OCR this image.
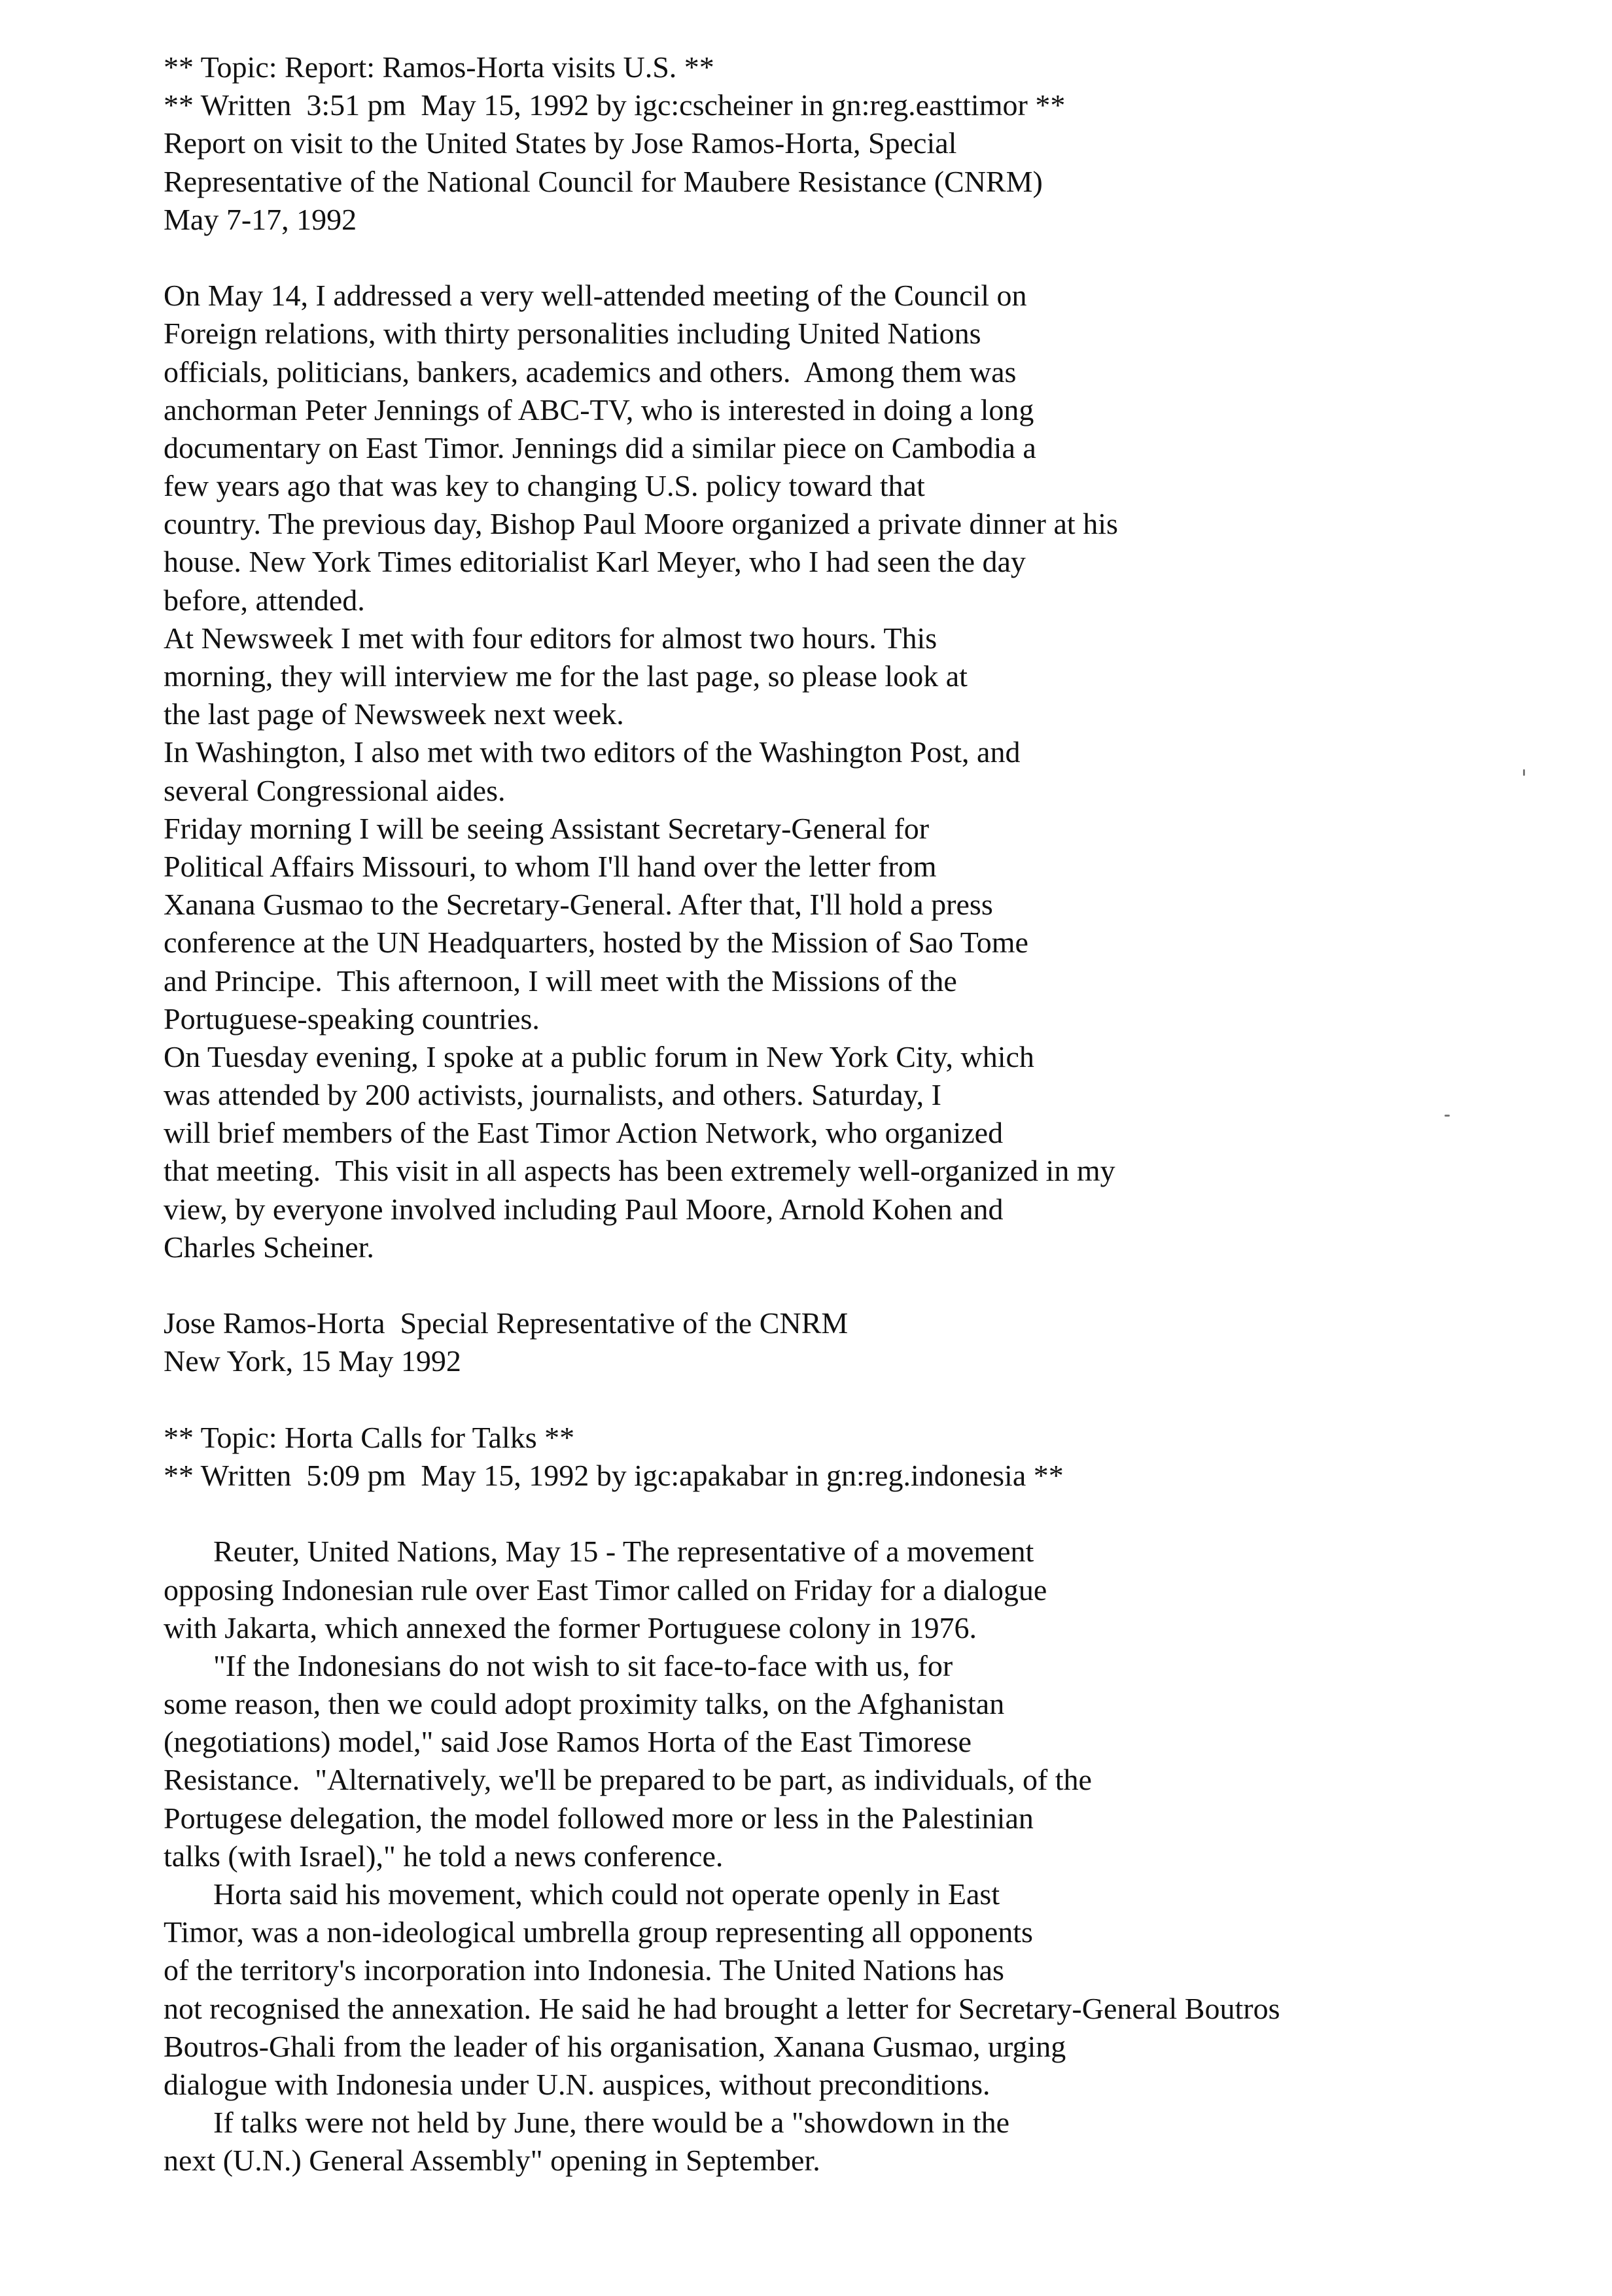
** Topic: Report: Ramos-Horta visits U.S. **
** Written  3:51 pm  May 15, 1992 by igc:cscheiner in gn:reg.easttimor **
Report on visit to the United States by Jose Ramos-Horta, Special
Representative of the National Council for Maubere Resistance (CNRM)
May 7-17, 1992
On May 14, I addressed a very well-attended meeting of the Council on
Foreign relations, with thirty personalities including United Nations
officials, politicians, bankers, academics and others.  Among them was
anchorman Peter Jennings of ABC-TV, who is interested in doing a long
documentary on East Timor. Jennings did a similar piece on Cambodia a
few years ago that was key to changing U.S. policy toward that
country. The previous day, Bishop Paul Moore organized a private dinner at his
house. New York Times editorialist Karl Meyer, who I had seen the day
before, attended.
At Newsweek I met with four editors for almost two hours. This
morning, they will interview me for the last page, so please look at
the last page of Newsweek next week.
In Washington, I also met with two editors of the Washington Post, and
several Congressional aides.
Friday morning I will be seeing Assistant Secretary-General for
Political Affairs Missouri, to whom I'll hand over the letter from
Xanana Gusmao to the Secretary-General. After that, I'll hold a press
conference at the UN Headquarters, hosted by the Mission of Sao Tome
and Principe.  This afternoon, I will meet with the Missions of the
Portuguese-speaking countries.
On Tuesday evening, I spoke at a public forum in New York City, which
was attended by 200 activists, journalists, and others. Saturday, I
will brief members of the East Timor Action Network, who organized
that meeting.  This visit in all aspects has been extremely well-organized in my
view, by everyone involved including Paul Moore, Arnold Kohen and
Charles Scheiner.
Jose Ramos-Horta  Special Representative of the CNRM
New York, 15 May 1992
** Topic: Horta Calls for Talks **
** Written  5:09 pm  May 15, 1992 by igc:apakabar in gn:reg.indonesia **
Reuter, United Nations, May 15 - The representative of a movement
opposing Indonesian rule over East Timor called on Friday for a dialogue
with Jakarta, which annexed the former Portuguese colony in 1976.
"If the Indonesians do not wish to sit face-to-face with us, for
some reason, then we could adopt proximity talks, on the Afghanistan
(negotiations) model," said Jose Ramos Horta of the East Timorese
Resistance.  "Alternatively, we'll be prepared to be part, as individuals, of the
Portugese delegation, the model followed more or less in the Palestinian
talks (with Israel)," he told a news conference.
Horta said his movement, which could not operate openly in East
Timor, was a non-ideological umbrella group representing all opponents
of the territory's incorporation into Indonesia. The United Nations has
not recognised the annexation. He said he had brought a letter for Secretary-General Boutros
Boutros-Ghali from the leader of his organisation, Xanana Gusmao, urging
dialogue with Indonesia under U.N. auspices, without preconditions.
If talks were not held by June, there would be a "showdown in the
next (U.N.) General Assembly" opening in September.
